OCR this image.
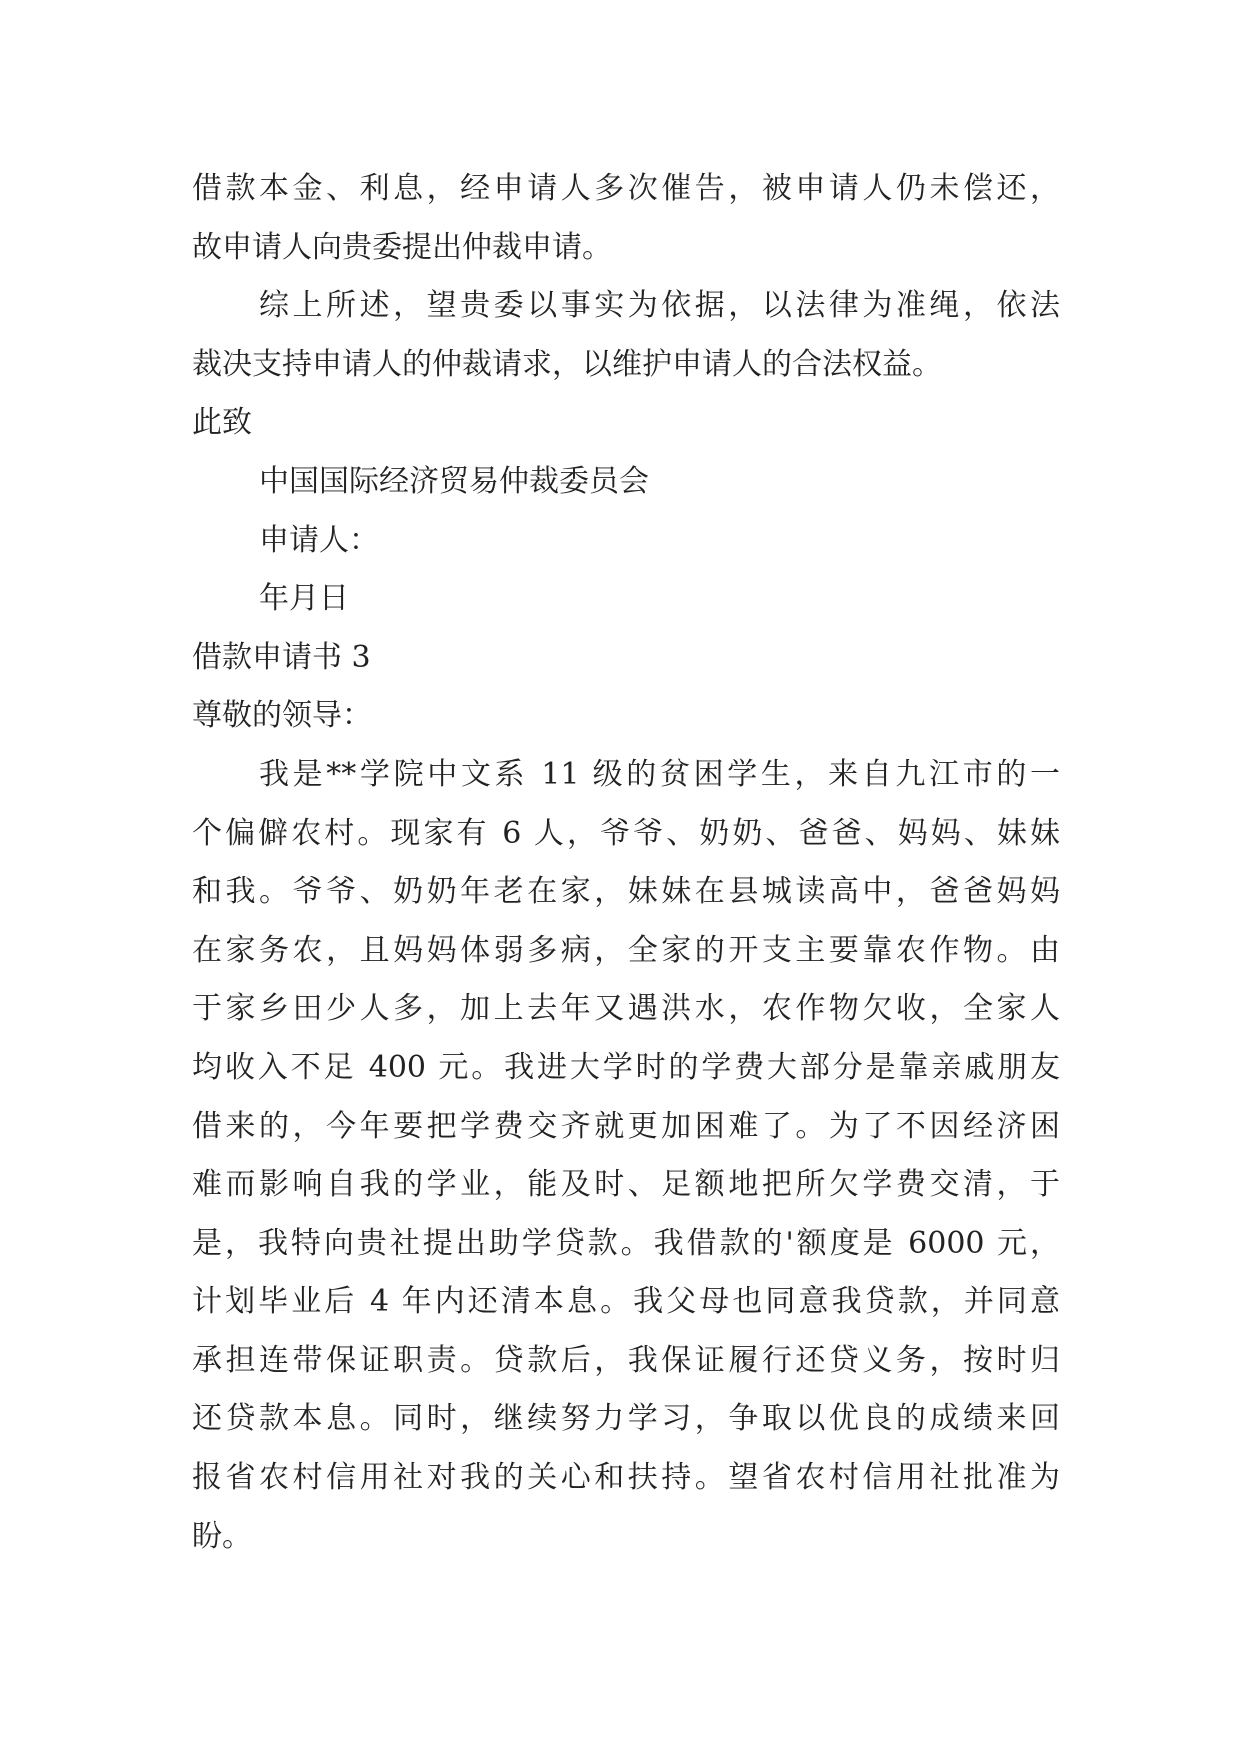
借款本金、利息，经申请人多次催告，被申请人仍未偿还，
故申请人向贵委提出仲裁申请。
综上所述，望贵委以事实为依据，以法律为准绳，依法
裁决支持申请人的仲裁请求，以维护申请人的合法权益。
此致
中国国际经济贸易仲裁委员会
申请人：
年月日
借款申请书 3
尊敬的领导：
我是**学院中文系 11 级的贫困学生，来自九江市的一
个偏僻农村。现家有 6 人，爷爷、奶奶、爸爸、妈妈、妹妹
和我。爷爷、奶奶年老在家，妹妹在县城读高中，爸爸妈妈
在家务农，且妈妈体弱多病，全家的开支主要靠农作物。由
于家乡田少人多，加上去年又遇洪水，农作物欠收，全家人
均收入不足 400 元。我进大学时的学费大部分是靠亲戚朋友
借来的，今年要把学费交齐就更加困难了。为了不因经济困
难而影响自我的学业，能及时、足额地把所欠学费交清，于
是，我特向贵社提出助学贷款。我借款的'额度是 6000 元，
计划毕业后 4 年内还清本息。我父母也同意我贷款，并同意
承担连带保证职责。贷款后，我保证履行还贷义务，按时归
还贷款本息。同时，继续努力学习，争取以优良的成绩来回
报省农村信用社对我的关心和扶持。望省农村信用社批准为
盼。
